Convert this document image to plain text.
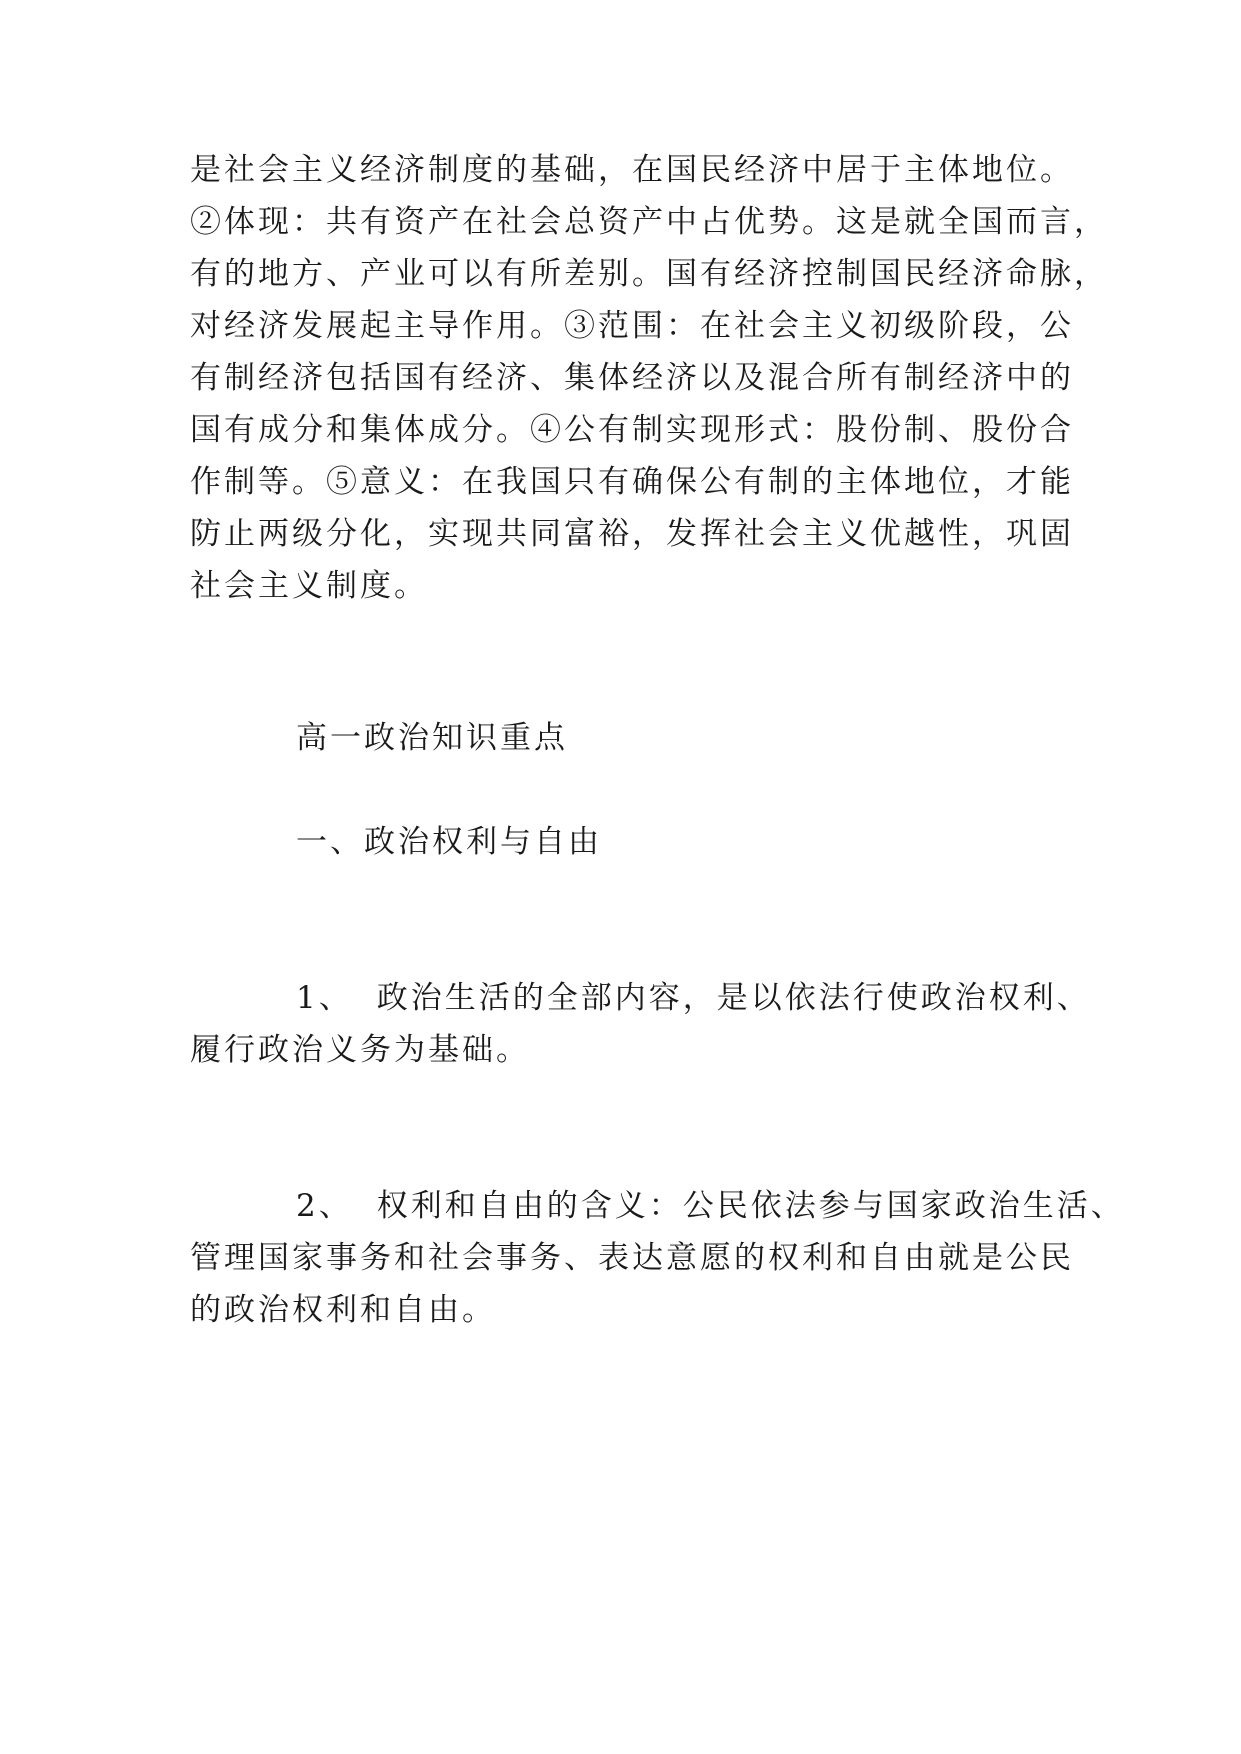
是社会主义经济制度的基础，在国民经济中居于主体地位。
②体现：共有资产在社会总资产中占优势。这是就全国而言，
有的地方、产业可以有所差别。国有经济控制国民经济命脉，
对经济发展起主导作用。③范围：在社会主义初级阶段，公
有制经济包括国有经济、集体经济以及混合所有制经济中的
国有成分和集体成分。④公有制实现形式：股份制、股份合
作制等。⑤意义：在我国只有确保公有制的主体地位，才能
防止两级分化，实现共同富裕，发挥社会主义优越性，巩固
社会主义制度。
高一政治知识重点
一、政治权利与自由
1、 政治生活的全部内容，是以依法行使政治权利、
履行政治义务为基础。
2、 权利和自由的含义：公民依法参与国家政治生活、
管理国家事务和社会事务、表达意愿的权利和自由就是公民
的政治权利和自由。
